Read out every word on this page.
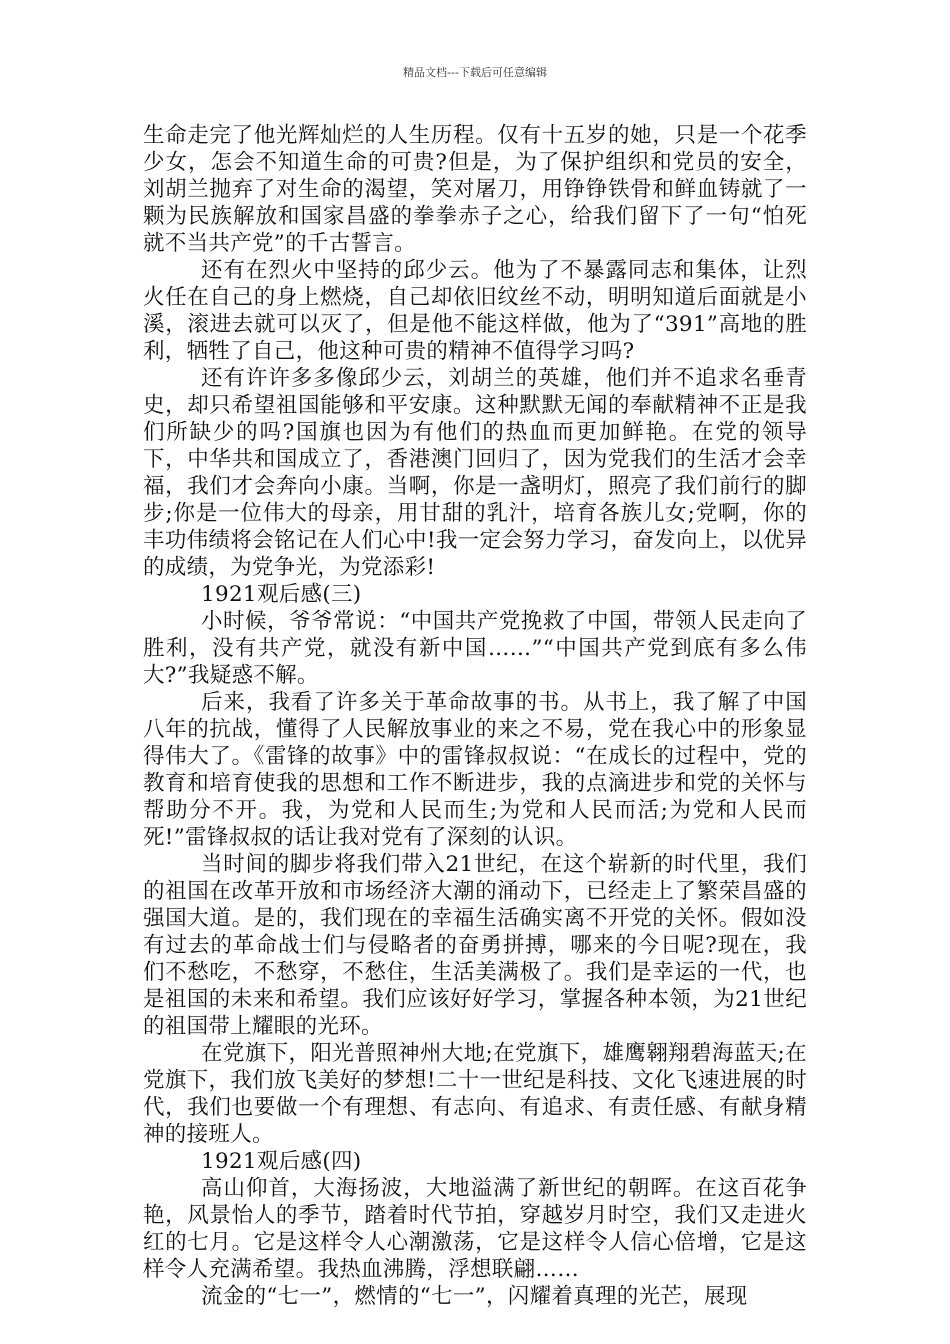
精品文档---下载后可任意编辑

生命走完了他光辉灿烂的人生历程。仅有十五岁的她，只是一个花季少女，怎会不知道生命的可贵?但是，为了保护组织和党员的安全，刘胡兰抛弃了对生命的渴望，笑对屠刀，用铮铮铁骨和鲜血铸就了一颗为民族解放和国家昌盛的拳拳赤子之心，给我们留下了一句“怕死就不当共产党”的千古誓言。

还有在烈火中坚持的邱少云。他为了不暴露同志和集体，让烈火任在自己的身上燃烧，自己却依旧纹丝不动，明明知道后面就是小溪，滚进去就可以灭了，但是他不能这样做，他为了“391”高地的胜利，牺牲了自己，他这种可贵的精神不值得学习吗?

还有许许多多像邱少云，刘胡兰的英雄，他们并不追求名垂青史，却只希望祖国能够和平安康。这种默默无闻的奉献精神不正是我们所缺少的吗?国旗也因为有他们的热血而更加鲜艳。在党的领导下，中华共和国成立了，香港澳门回归了，因为党我们的生活才会幸福，我们才会奔向小康。当啊，你是一盏明灯，照亮了我们前行的脚步;你是一位伟大的母亲，用甘甜的乳汁，培育各族儿女;党啊，你的丰功伟绩将会铭记在人们心中!我一定会努力学习，奋发向上，以优异的成绩，为党争光，为党添彩!

1921观后感(三)

小时候，爷爷常说：“中国共产党挽救了中国，带领人民走向了胜利，没有共产党，就没有新中国……”“中国共产党到底有多么伟大?”我疑惑不解。

后来，我看了许多关于革命故事的书。从书上，我了解了中国八年的抗战，懂得了人民解放事业的来之不易，党在我心中的形象显得伟大了。《雷锋的故事》中的雷锋叔叔说：“在成长的过程中，党的教育和培育使我的思想和工作不断进步，我的点滴进步和党的关怀与帮助分不开。我，为党和人民而生;为党和人民而活;为党和人民而死!”雷锋叔叔的话让我对党有了深刻的认识。

当时间的脚步将我们带入21世纪，在这个崭新的时代里，我们的祖国在改革开放和市场经济大潮的涌动下，已经走上了繁荣昌盛的强国大道。是的，我们现在的幸福生活确实离不开党的关怀。假如没有过去的革命战士们与侵略者的奋勇拼搏，哪来的今日呢?现在，我们不愁吃，不愁穿，不愁住，生活美满极了。我们是幸运的一代，也是祖国的未来和希望。我们应该好好学习，掌握各种本领，为21世纪的祖国带上耀眼的光环。

在党旗下，阳光普照神州大地;在党旗下，雄鹰翱翔碧海蓝天;在党旗下，我们放飞美好的梦想!二十一世纪是科技、文化飞速进展的时代，我们也要做一个有理想、有志向、有追求、有责任感、有献身精神的接班人。

1921观后感(四)

高山仰首，大海扬波，大地溢满了新世纪的朝晖。在这百花争艳，风景怡人的季节，踏着时代节拍，穿越岁月时空，我们又走进火红的七月。它是这样令人心潮激荡，它是这样令人信心倍增，它是这样令人充满希望。我热血沸腾，浮想联翩……

流金的“七一”，燃情的“七一”，闪耀着真理的光芒，展现
